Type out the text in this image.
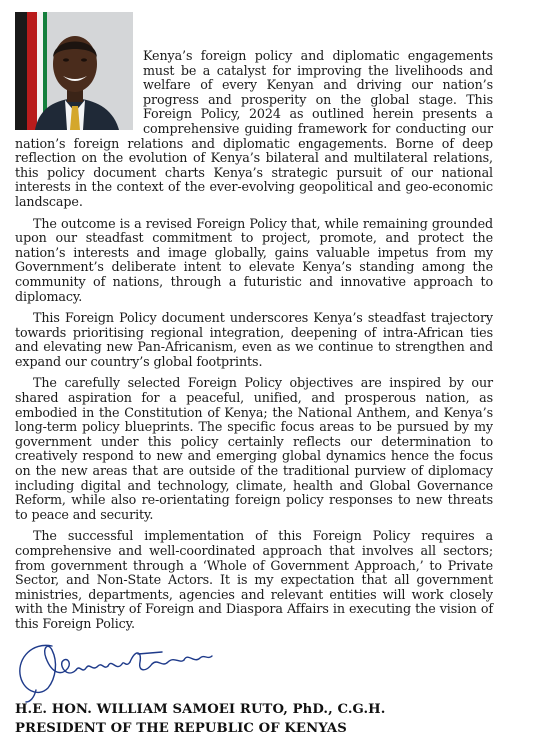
Kenya’s foreign policy and diplomatic engagements must be a catalyst for improving the livelihoods and welfare of every Kenyan and driving our nation’s progress and prosperity on the global stage. This Foreign Policy, 2024 as outlined herein presents a comprehensive guiding framework for conducting our nation’s foreign relations and diplomatic engagements. Borne of deep reflection on the evolution of Kenya’s bilateral and multilateral relations, this policy document charts Kenya’s strategic pursuit of our national interests in the context of the ever-evolving geopolitical and geo-economic landscape.

The outcome is a revised Foreign Policy that, while remaining grounded upon our steadfast commitment to project, promote, and protect the nation’s interests and image globally, gains valuable impetus from my Government’s deliberate intent to elevate Kenya’s standing among the community of nations, through a futuristic and innovative approach to diplomacy.

This Foreign Policy document underscores Kenya’s steadfast trajectory towards prioritising regional integration, deepening of intra-African ties and elevating new Pan-Africanism, even as we continue to strengthen and expand our country’s global footprints.

The carefully selected Foreign Policy objectives are inspired by our shared aspiration for a peaceful, unified, and prosperous nation, as embodied in the Constitution of Kenya; the National Anthem, and Kenya’s long-term policy blueprints. The specific focus areas to be pursued by my government under this policy certainly reflects our determination to creatively respond to new and emerging global dynamics hence the focus on the new areas that are outside of the traditional purview of diplomacy including digital and technology, climate, health and Global Governance Reform, while also re-orientating foreign policy responses to new threats to peace and security.

The successful implementation of this Foreign Policy requires a comprehensive and well-coordinated approach that involves all sectors; from government through a ‘Whole of Government Approach,’ to Private Sector, and Non-State Actors. It is my expectation that all government ministries, departments, agencies and relevant entities will work closely with the Ministry of Foreign and Diaspora Affairs in executing the vision of this Foreign Policy.

H.E. HON. WILLIAM SAMOEI RUTO, PhD., C.G.H.
PRESIDENT OF THE REPUBLIC OF KENYAS
